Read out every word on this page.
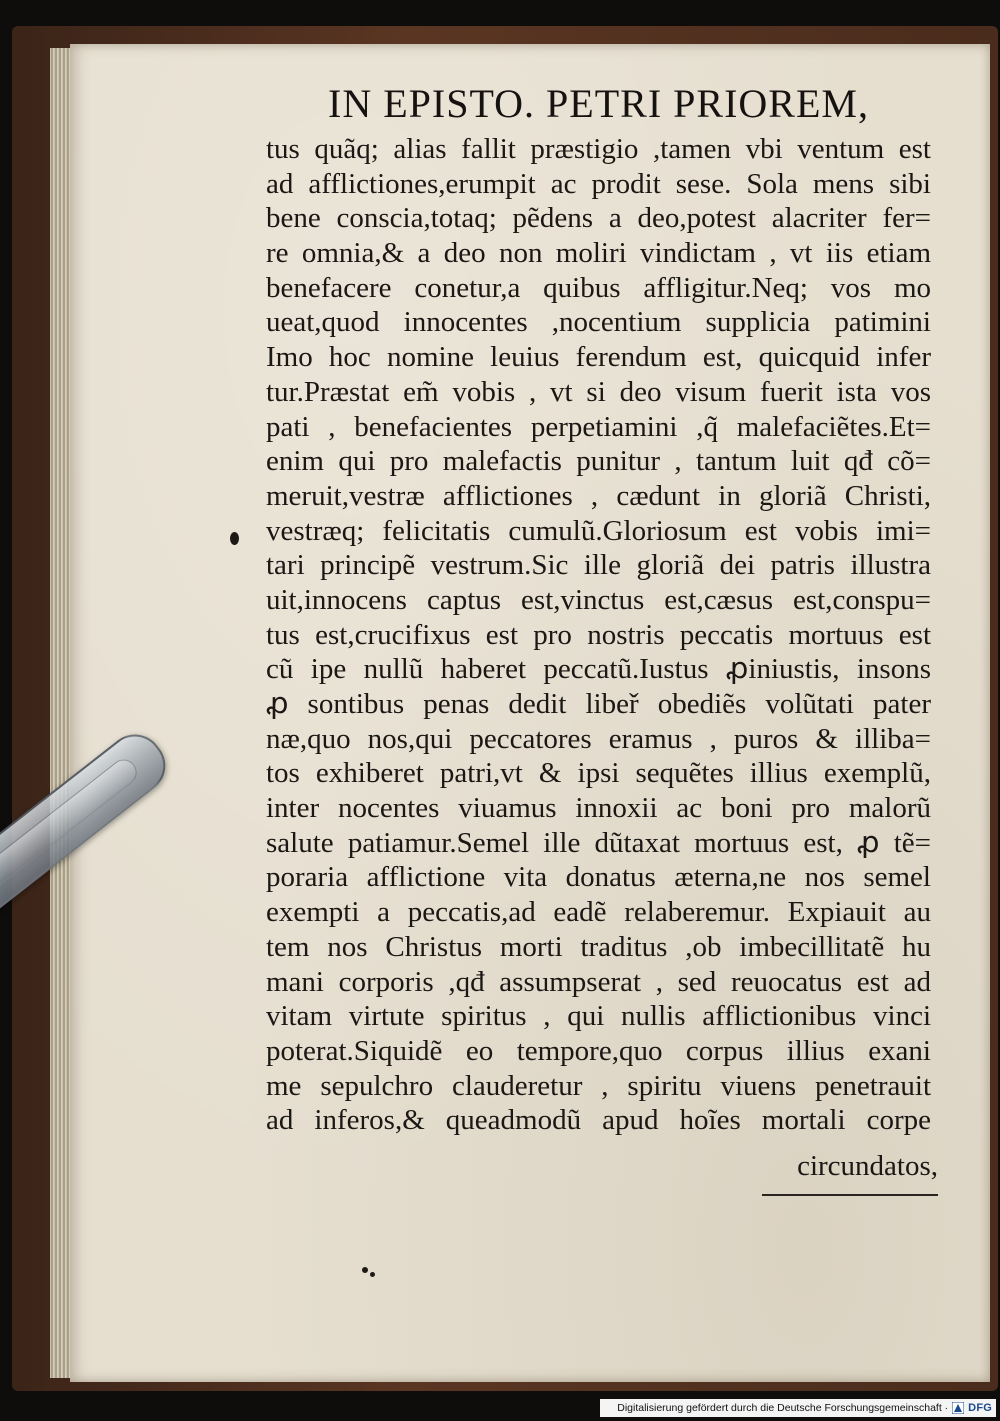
IN EPISTO. PETRI PRIOREM,
tus quãq; alias fallit præstigio ,tamen vbi ventum est
ad afflictiones,erumpit ac prodit sese. Sola mens sibi
bene conscia,totaq; pẽdens a deo,potest alacriter fer=
re omnia,& a deo non moliri vindictam , vt iis etiam
benefacere conetur,a quibus affligitur.Neq; vos mo
ueat,quod innocentes ,nocentium supplicia patimini
Imo hoc nomine leuius ferendum est, quicquid infer
tur.Præstat em̃ vobis , vt si deo visum fuerit ista vos
pati , benefacientes perpetiamini ,q̃ malefaciẽtes.Et=
enim qui pro malefactis punitur , tantum luit qđ cõ=
meruit,vestræ afflictiones , cædunt in gloriã Christi,
vestræq; felicitatis cumulũ.Gloriosum est vobis imi=
tari principẽ vestrum.Sic ille gloriã dei patris illustra
uit,innocens captus est,vinctus est,cæsus est,conspu=
tus est,crucifixus est pro nostris peccatis mortuus est
cũ ipe nullũ haberet peccatũ.Iustus ꝓiniustis, insons
ꝓ sontibus penas dedit libeř obediẽs volũtati pater
næ,quo nos,qui peccatores eramus , puros & illiba=
tos exhiberet patri,vt & ipsi sequẽtes illius exemplũ,
inter nocentes viuamus innoxii ac boni pro malorũ
salute patiamur.Semel ille dũtaxat mortuus est, ꝓ tẽ=
poraria afflictione vita donatus æterna,ne nos semel
exempti a peccatis,ad eadẽ relaberemur. Expiauit au
tem nos Christus morti traditus ,ob imbecillitatẽ hu
mani corporis ,qđ assumpserat , sed reuocatus est ad
vitam virtute spiritus , qui nullis afflictionibus vinci
poterat.Siquidẽ eo tempore,quo corpus illius exani
me sepulchro clauderetur , spiritu viuens penetrauit
ad inferos,& queadmodũ apud hoĩes mortali corpe
circundatos,
Digitalisierung gefördert durch die Deutsche Forschungsgemeinschaft · DFG
